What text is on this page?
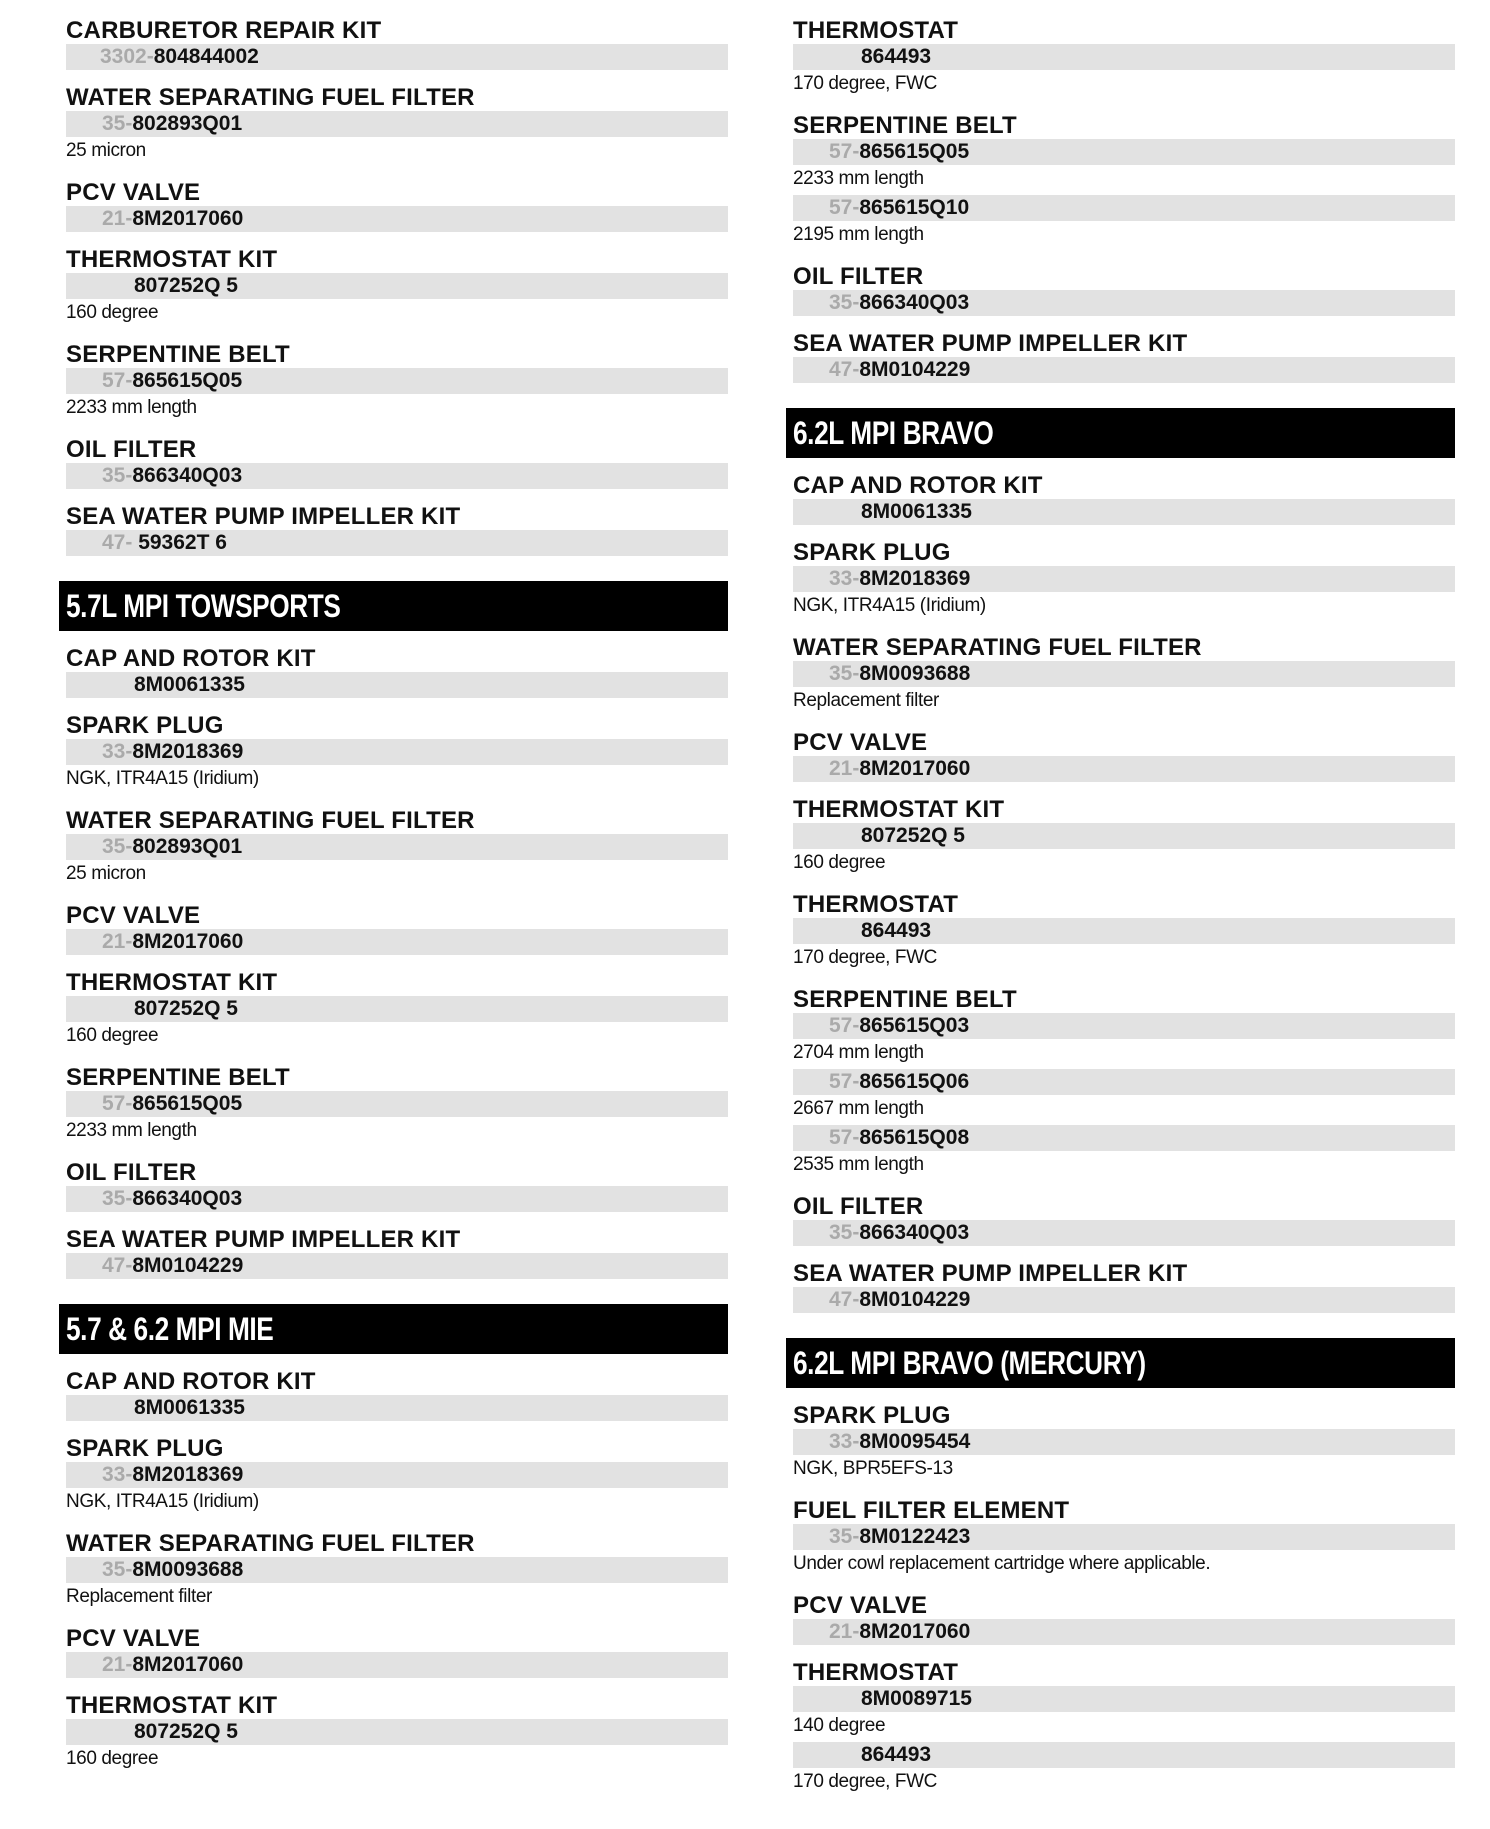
CARBURETOR REPAIR KIT
3302-804844002
WATER SEPARATING FUEL FILTER
35-802893Q01
25 micron
PCV VALVE
21-8M2017060
THERMOSTAT KIT
807252Q 5
160 degree
SERPENTINE BELT
57-865615Q05
2233 mm length
OIL FILTER
35-866340Q03
SEA WATER PUMP IMPELLER KIT
47- 59362T 6
5.7L MPI TOWSPORTS
CAP AND ROTOR KIT
8M0061335
SPARK PLUG
33-8M2018369
NGK, ITR4A15 (Iridium)
WATER SEPARATING FUEL FILTER
35-802893Q01
25 micron
PCV VALVE
21-8M2017060
THERMOSTAT KIT
807252Q 5
160 degree
SERPENTINE BELT
57-865615Q05
2233 mm length
OIL FILTER
35-866340Q03
SEA WATER PUMP IMPELLER KIT
47-8M0104229
5.7 & 6.2 MPI MIE
CAP AND ROTOR KIT
8M0061335
SPARK PLUG
33-8M2018369
NGK, ITR4A15 (Iridium)
WATER SEPARATING FUEL FILTER
35-8M0093688
Replacement filter
PCV VALVE
21-8M2017060
THERMOSTAT KIT
807252Q 5
160 degree
THERMOSTAT
864493
170 degree, FWC
SERPENTINE BELT
57-865615Q05
2233 mm length
57-865615Q10
2195 mm length
OIL FILTER
35-866340Q03
SEA WATER PUMP IMPELLER KIT
47-8M0104229
6.2L MPI BRAVO
CAP AND ROTOR KIT
8M0061335
SPARK PLUG
33-8M2018369
NGK, ITR4A15 (Iridium)
WATER SEPARATING FUEL FILTER
35-8M0093688
Replacement filter
PCV VALVE
21-8M2017060
THERMOSTAT KIT
807252Q 5
160 degree
THERMOSTAT
864493
170 degree, FWC
SERPENTINE BELT
57-865615Q03
2704 mm length
57-865615Q06
2667 mm length
57-865615Q08
2535 mm length
OIL FILTER
35-866340Q03
SEA WATER PUMP IMPELLER KIT
47-8M0104229
6.2L MPI BRAVO (MERCURY)
SPARK PLUG
33-8M0095454
NGK, BPR5EFS-13
FUEL FILTER ELEMENT
35-8M0122423
Under cowl replacement cartridge where applicable.
PCV VALVE
21-8M2017060
THERMOSTAT
8M0089715
140 degree
864493
170 degree, FWC
